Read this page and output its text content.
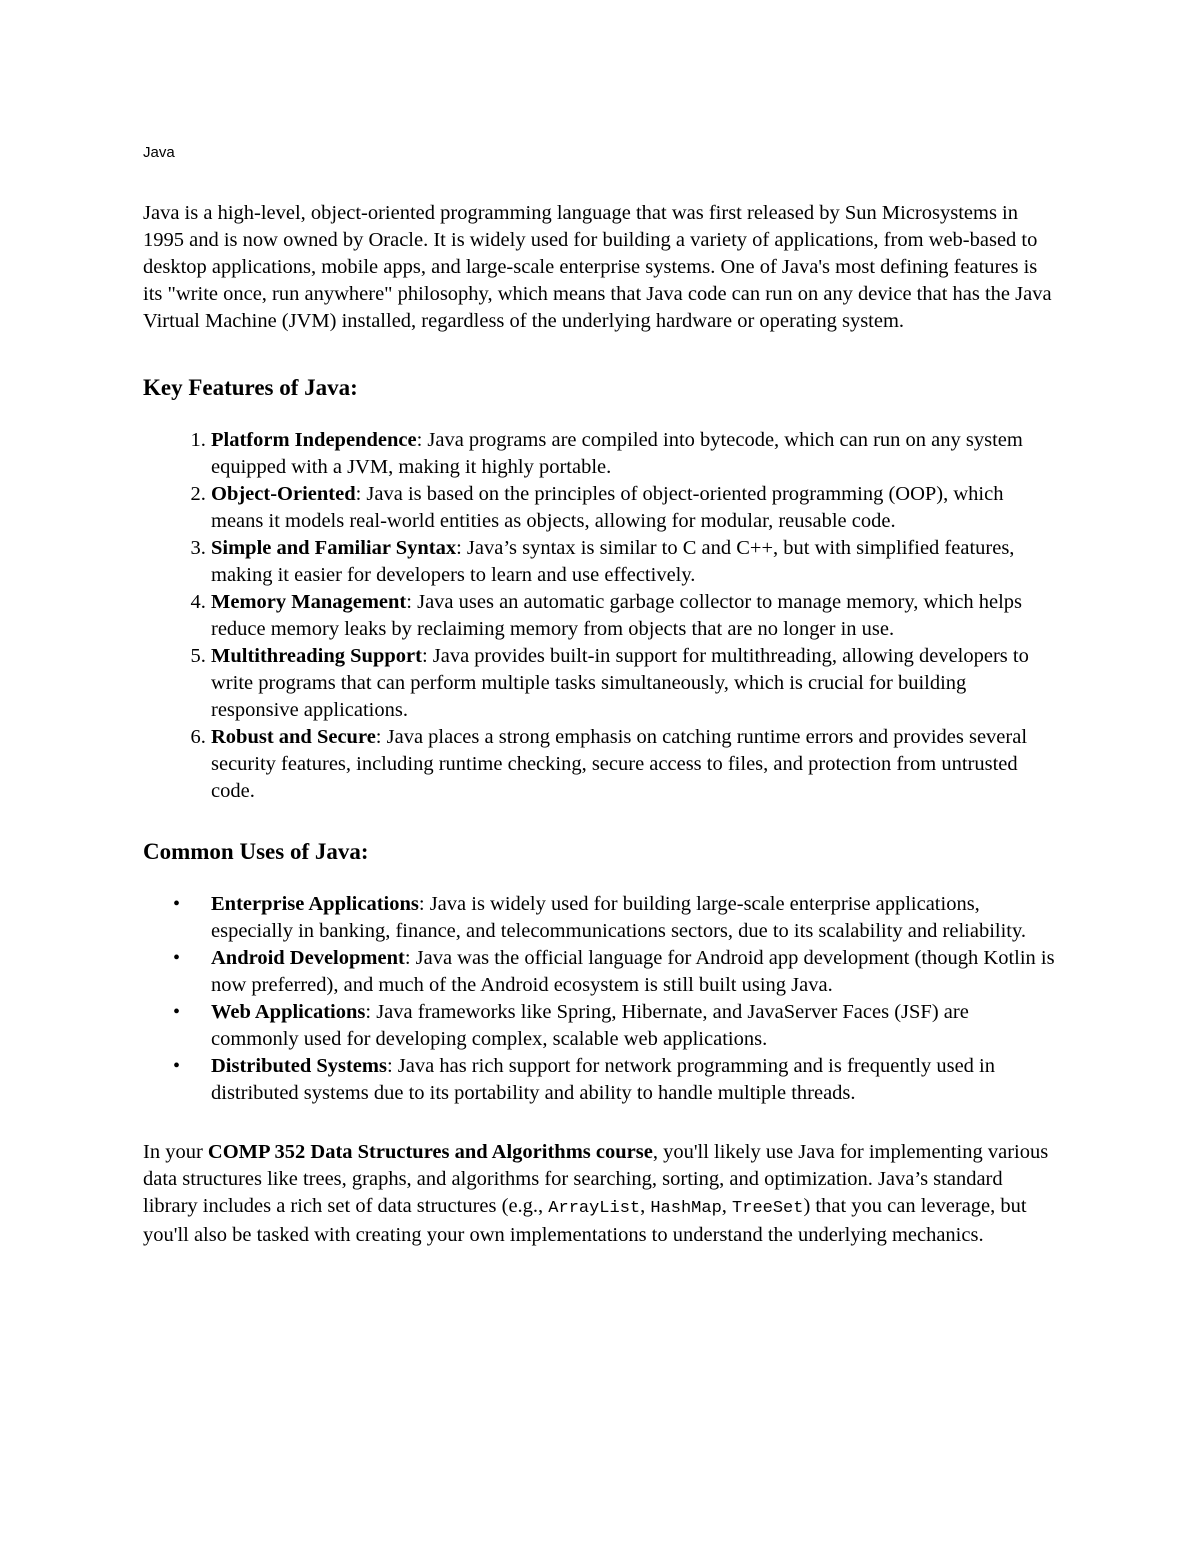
Java

Java is a high-level, object-oriented programming language that was first released by Sun Microsystems in 1995 and is now owned by Oracle. It is widely used for building a variety of applications, from web-based to desktop applications, mobile apps, and large-scale enterprise systems. One of Java's most defining features is its "write once, run anywhere" philosophy, which means that Java code can run on any device that has the Java Virtual Machine (JVM) installed, regardless of the underlying hardware or operating system.

Key Features of Java:
1. Platform Independence: Java programs are compiled into bytecode, which can run on any system equipped with a JVM, making it highly portable.
2. Object-Oriented: Java is based on the principles of object-oriented programming (OOP), which means it models real-world entities as objects, allowing for modular, reusable code.
3. Simple and Familiar Syntax: Java’s syntax is similar to C and C++, but with simplified features, making it easier for developers to learn and use effectively.
4. Memory Management: Java uses an automatic garbage collector to manage memory, which helps reduce memory leaks by reclaiming memory from objects that are no longer in use.
5. Multithreading Support: Java provides built-in support for multithreading, allowing developers to write programs that can perform multiple tasks simultaneously, which is crucial for building responsive applications.
6. Robust and Secure: Java places a strong emphasis on catching runtime errors and provides several security features, including runtime checking, secure access to files, and protection from untrusted code.
Common Uses of Java:
• Enterprise Applications: Java is widely used for building large-scale enterprise applications, especially in banking, finance, and telecommunications sectors, due to its scalability and reliability.
• Android Development: Java was the official language for Android app development (though Kotlin is now preferred), and much of the Android ecosystem is still built using Java.
• Web Applications: Java frameworks like Spring, Hibernate, and JavaServer Faces (JSF) are commonly used for developing complex, scalable web applications.
• Distributed Systems: Java has rich support for network programming and is frequently used in distributed systems due to its portability and ability to handle multiple threads.

In your COMP 352 Data Structures and Algorithms course, you'll likely use Java for implementing various data structures like trees, graphs, and algorithms for searching, sorting, and optimization. Java’s standard library includes a rich set of data structures (e.g., ArrayList, HashMap, TreeSet) that you can leverage, but you'll also be tasked with creating your own implementations to understand the underlying mechanics.
